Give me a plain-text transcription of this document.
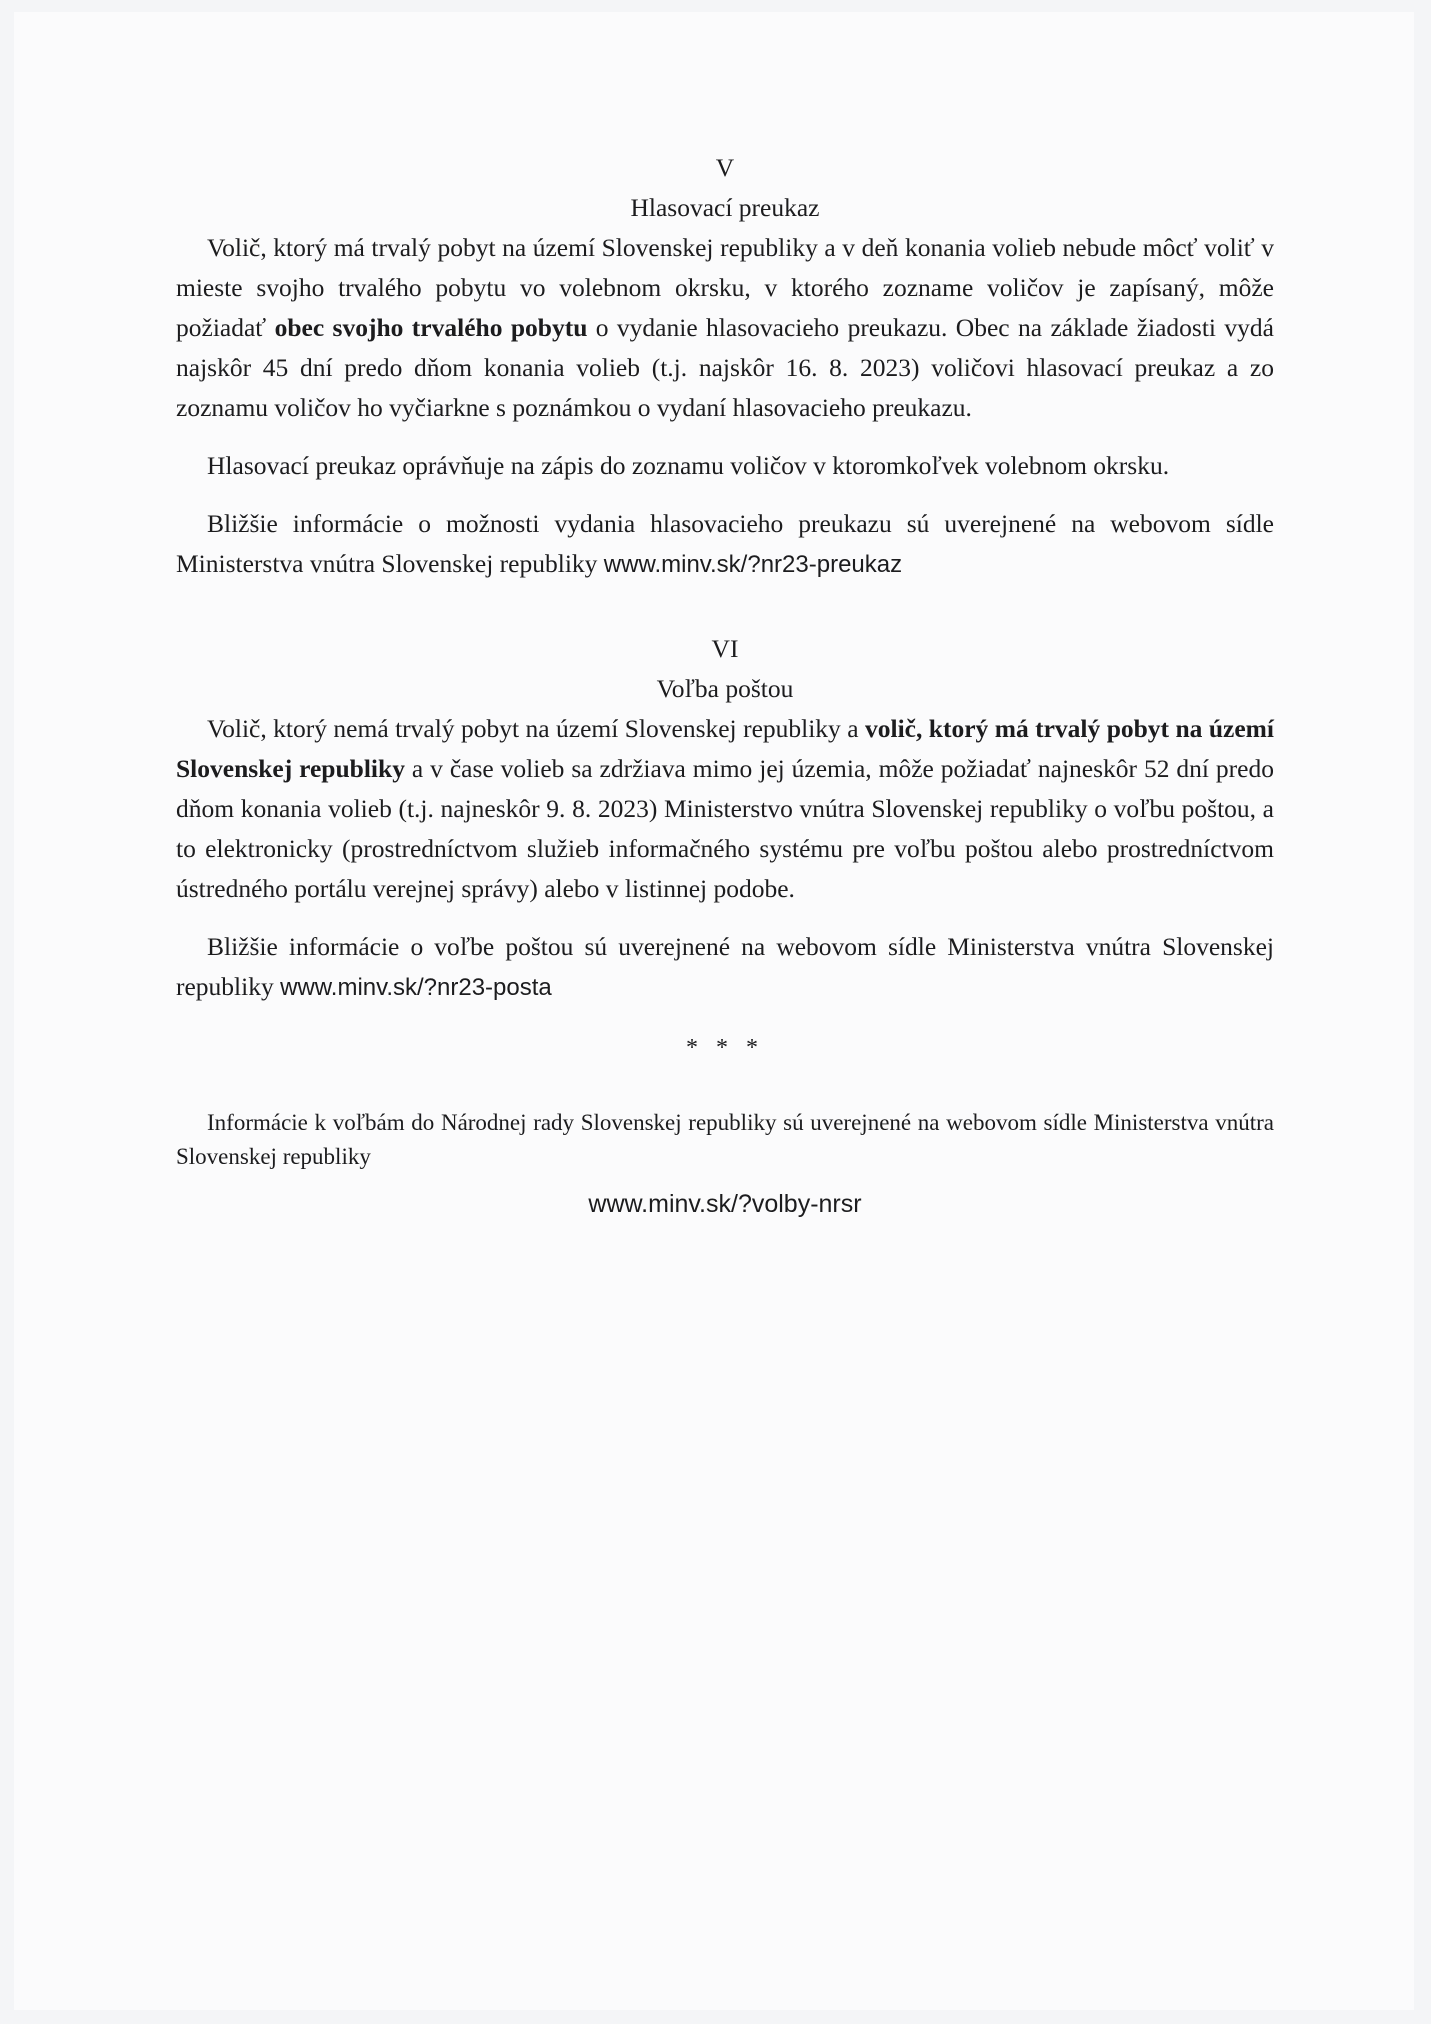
V
Hlasovací preukaz

Volič, ktorý má trvalý pobyt na území Slovenskej republiky a v deň konania volieb nebude môcť voliť v mieste svojho trvalého pobytu vo volebnom okrsku, v ktorého zozname voličov je zapísaný, môže požiadať obec svojho trvalého pobytu o vydanie hlasovacieho preukazu. Obec na základe žiadosti vydá najskôr 45 dní predo dňom konania volieb (t.j. najskôr 16. 8. 2023) voličovi hlasovací preukaz a zo zoznamu voličov ho vyčiarkne s poznámkou o vydaní hlasovacieho preukazu.

Hlasovací preukaz oprávňuje na zápis do zoznamu voličov v ktoromkoľvek volebnom okrsku.

Bližšie informácie o možnosti vydania hlasovacieho preukazu sú uverejnené na webovom sídle Ministerstva vnútra Slovenskej republiky www.minv.sk/?nr23-preukaz

VI
Voľba poštou

Volič, ktorý nemá trvalý pobyt na území Slovenskej republiky a volič, ktorý má trvalý pobyt na území Slovenskej republiky a v čase volieb sa zdržiava mimo jej územia, môže požiadať najneskôr 52 dní predo dňom konania volieb (t.j. najneskôr 9. 8. 2023) Ministerstvo vnútra Slovenskej republiky o voľbu poštou, a to elektronicky (prostredníctvom služieb informačného systému pre voľbu poštou alebo prostredníctvom ústredného portálu verejnej správy) alebo v listinnej podobe.

Bližšie informácie o voľbe poštou sú uverejnené na webovom sídle Ministerstva vnútra Slovenskej republiky www.minv.sk/?nr23-posta

* * *

Informácie k voľbám do Národnej rady Slovenskej republiky sú uverejnené na webovom sídle Ministerstva vnútra Slovenskej republiky

www.minv.sk/?volby-nrsr
